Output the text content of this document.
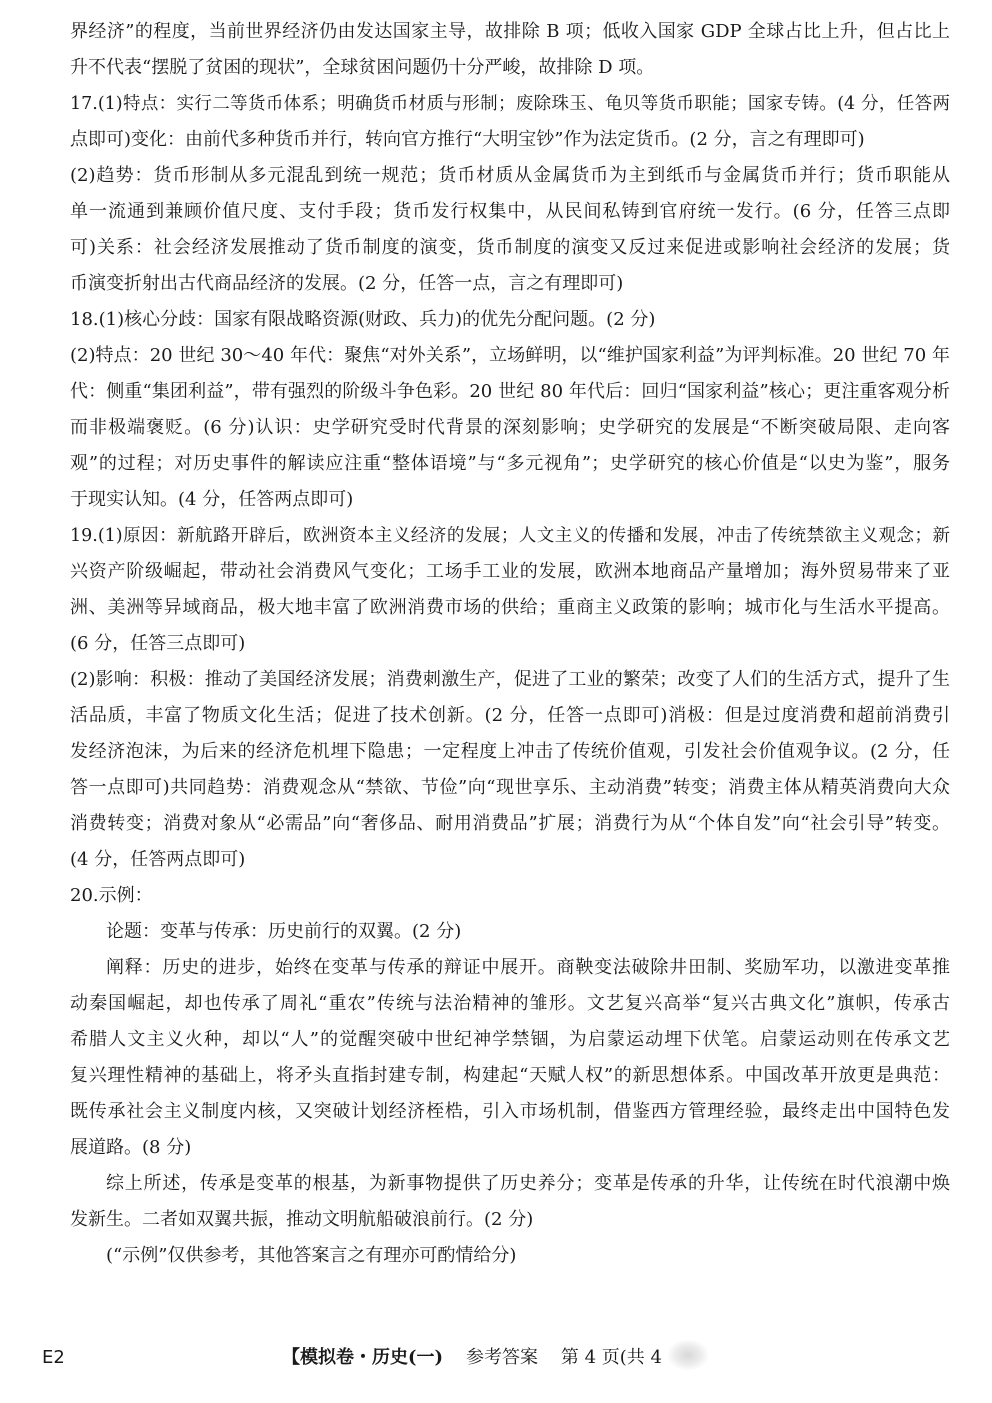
界经济”的程度，当前世界经济仍由发达国家主导，故排除 B 项；低收入国家 GDP 全球占比上升，但占比上
升不代表“摆脱了贫困的现状”，全球贫困问题仍十分严峻，故排除 D 项。
17.(1)特点：实行二等货币体系；明确货币材质与形制；废除珠玉、龟贝等货币职能；国家专铸。(4 分，任答两
点即可)变化：由前代多种货币并行，转向官方推行“大明宝钞”作为法定货币。(2 分，言之有理即可)
(2)趋势：货币形制从多元混乱到统一规范；货币材质从金属货币为主到纸币与金属货币并行；货币职能从
单一流通到兼顾价值尺度、支付手段；货币发行权集中，从民间私铸到官府统一发行。(6 分，任答三点即
可)关系：社会经济发展推动了货币制度的演变，货币制度的演变又反过来促进或影响社会经济的发展；货
币演变折射出古代商品经济的发展。(2 分，任答一点，言之有理即可)
18.(1)核心分歧：国家有限战略资源(财政、兵力)的优先分配问题。(2 分)
(2)特点：20 世纪 30～40 年代：聚焦“对外关系”，立场鲜明，以“维护国家利益”为评判标准。20 世纪 70 年
代：侧重“集团利益”，带有强烈的阶级斗争色彩。20 世纪 80 年代后：回归“国家利益”核心；更注重客观分析
而非极端褒贬。(6 分)认识：史学研究受时代背景的深刻影响；史学研究的发展是“不断突破局限、走向客
观”的过程；对历史事件的解读应注重“整体语境”与“多元视角”；史学研究的核心价值是“以史为鉴”，服务
于现实认知。(4 分，任答两点即可)
19.(1)原因：新航路开辟后，欧洲资本主义经济的发展；人文主义的传播和发展，冲击了传统禁欲主义观念；新
兴资产阶级崛起，带动社会消费风气变化；工场手工业的发展，欧洲本地商品产量增加；海外贸易带来了亚
洲、美洲等异域商品，极大地丰富了欧洲消费市场的供给；重商主义政策的影响；城市化与生活水平提高。
(6 分，任答三点即可)
(2)影响：积极：推动了美国经济发展；消费刺激生产，促进了工业的繁荣；改变了人们的生活方式，提升了生
活品质，丰富了物质文化生活；促进了技术创新。(2 分，任答一点即可)消极：但是过度消费和超前消费引
发经济泡沫，为后来的经济危机埋下隐患；一定程度上冲击了传统价值观，引发社会价值观争议。(2 分，任
答一点即可)共同趋势：消费观念从“禁欲、节俭”向“现世享乐、主动消费”转变；消费主体从精英消费向大众
消费转变；消费对象从“必需品”向“奢侈品、耐用消费品”扩展；消费行为从“个体自发”向“社会引导”转变。
(4 分，任答两点即可)
20.示例：
论题：变革与传承：历史前行的双翼。(2 分)
阐释：历史的进步，始终在变革与传承的辩证中展开。商鞅变法破除井田制、奖励军功，以激进变革推
动秦国崛起，却也传承了周礼“重农”传统与法治精神的雏形。文艺复兴高举“复兴古典文化”旗帜，传承古
希腊人文主义火种，却以“人”的觉醒突破中世纪神学禁锢，为启蒙运动埋下伏笔。启蒙运动则在传承文艺
复兴理性精神的基础上，将矛头直指封建专制，构建起“天赋人权”的新思想体系。中国改革开放更是典范：
既传承社会主义制度内核，又突破计划经济桎梏，引入市场机制，借鉴西方管理经验，最终走出中国特色发
展道路。(8 分)
综上所述，传承是变革的根基，为新事物提供了历史养分；变革是传承的升华，让传统在时代浪潮中焕
发新生。二者如双翼共振，推动文明航船破浪前行。(2 分)
(“示例”仅供参考，其他答案言之有理亦可酌情给分)
E2	【模拟卷・历史(一) 参考答案 第 4 页(共 4
